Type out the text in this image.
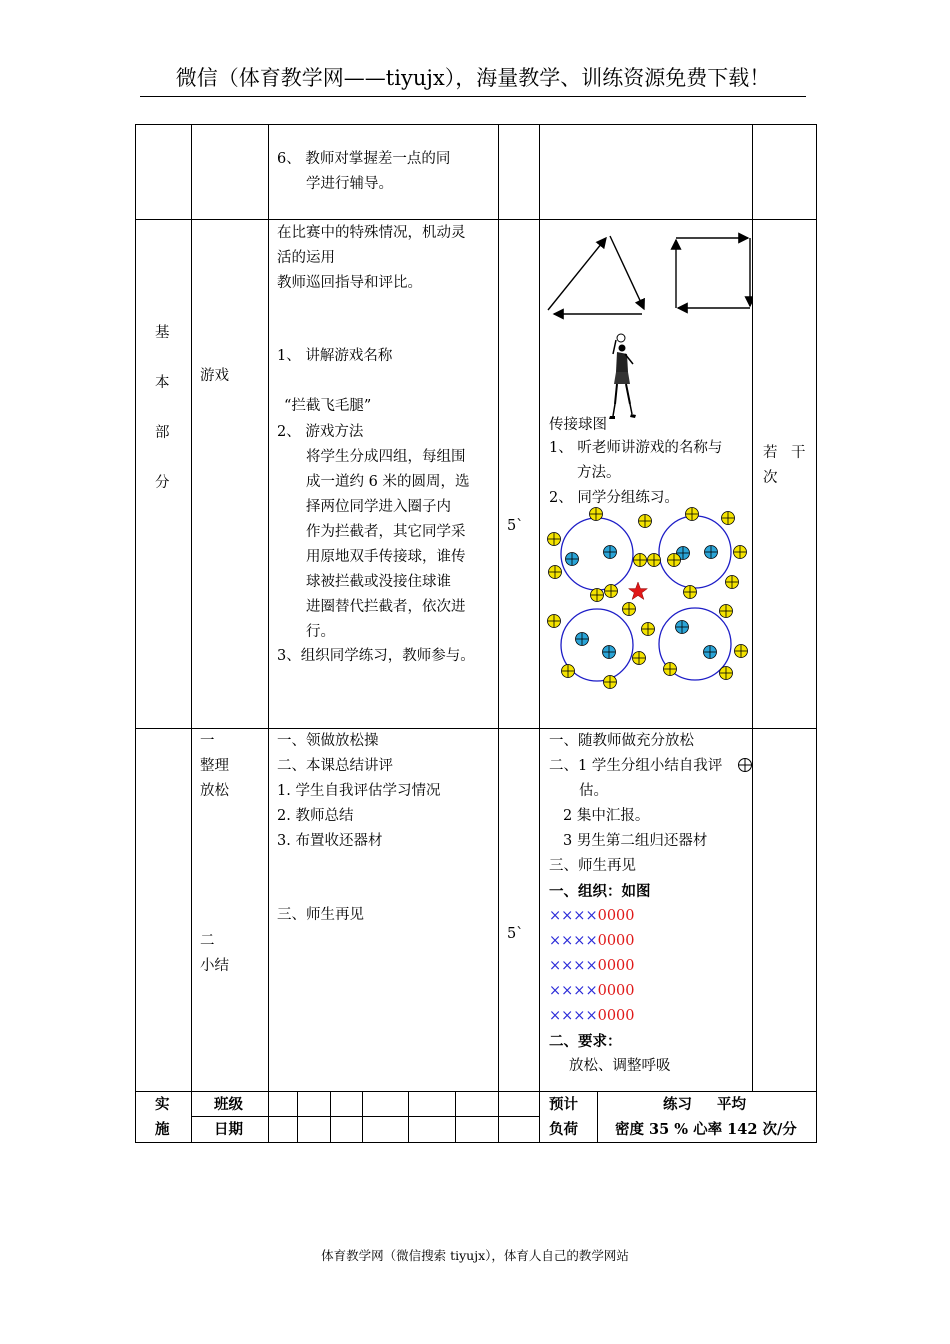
微信（体育教学网——tiyujx），海量教学、训练资源免费下载！
6、 教师对掌握差一点的同
学进行辅导。
基
本
部
分
游戏
在比赛中的特殊情况，机动灵
活的运用
教师巡回指导和评比。
1、 讲解游戏名称
“拦截飞毛腿”
2、 游戏方法
将学生分成四组，每组围
成一道约 6 米的圆周，选
择两位同学进入圈子内
作为拦截者，其它同学采
用原地双手传接球，谁传
球被拦截或没接住球谁
进圈替代拦截者，依次进
行。
3、组织同学练习，教师参与。
5`
传接球图
1、 听老师讲游戏的名称与
方法。
2、 同学分组练习。
若 干
次
一
整理
放松
二
小结
一、领做放松操
二、本课总结讲评
1. 学生自我评估学习情况
2. 教师总结
3. 布置收还器材
三、师生再见
5`
一、随教师做充分放松
二、1 学生分组小结自我评
估。
2 集中汇报。
3 男生第二组归还器材
三、师生再见
一、组织：如图
××××0000
××××0000
××××0000
××××0000
××××0000
二、要求：
放松、调整呼吸
实
施
班级
日期
预计
负荷
练习 平均
密度 35 % 心率 142 次/分
体育教学网（微信搜索 tiyujx），体育人自己的教学网站
